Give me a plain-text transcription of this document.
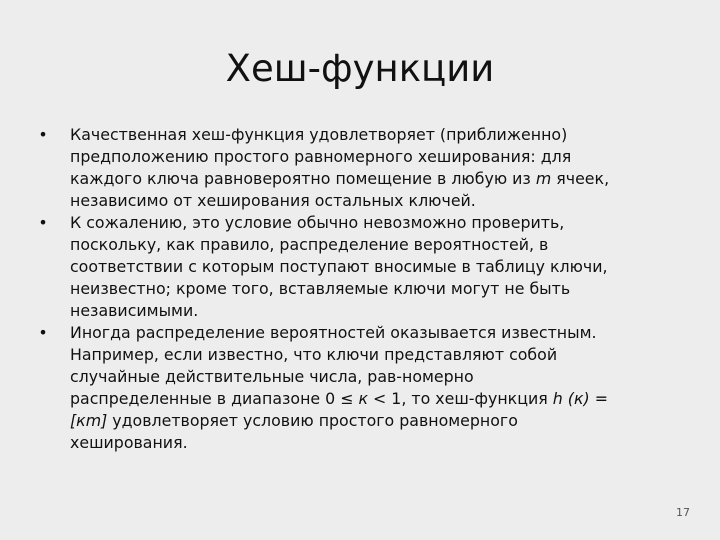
Хеш-функции
• Качественная хеш-функция удовлетворяет (приближенно)
предположению простого равномерного хеширования: для
каждого ключа равновероятно помещение в любую из m ячеек,
независимо от хеширования остальных ключей.
• К сожалению, это условие обычно невозможно проверить,
поскольку, как правило, распределение вероятностей, в
соответствии с которым поступают вносимые в таблицу ключи,
неизвестно; кроме того, вставляемые ключи могут не быть
независимыми.
• Иногда распределение вероятностей оказывается известным.
Например, если известно, что ключи представляют собой
случайные действительные числа, рав-номерно
распределенные в диапазоне 0 ≤ к < 1, то хеш-функция h (к) =
[кm] удовлетворяет условию простого равномерного
хеширования.
17
